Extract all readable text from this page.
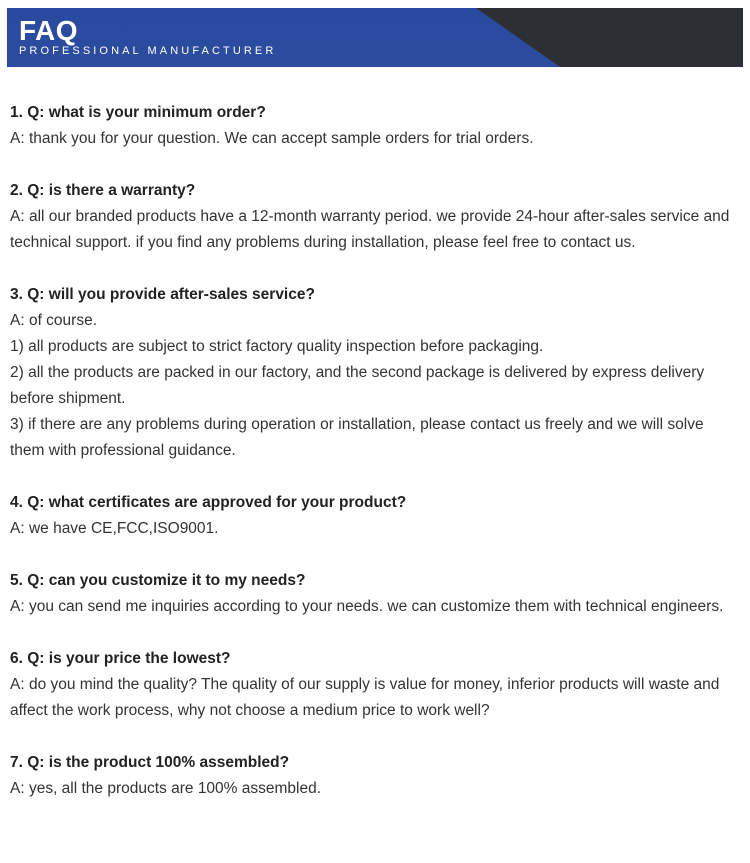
FAQ
PROFESSIONAL MANUFACTURER
1. Q: what is your minimum order?
A: thank you for your question. We can accept sample orders for trial orders.
2. Q: is there a warranty?
A: all our branded products have a 12-month warranty period. we provide 24-hour after-sales service and technical support. if you find any problems during installation, please feel free to contact us.
3. Q: will you provide after-sales service?
A: of course.
1) all products are subject to strict factory quality inspection before packaging.
2) all the products are packed in our factory, and the second package is delivered by express delivery before shipment.
3) if there are any problems during operation or installation, please contact us freely and we will solve them with professional guidance.
4. Q: what certificates are approved for your product?
A: we have CE,FCC,ISO9001.
5. Q: can you customize it to my needs?
A: you can send me inquiries according to your needs. we can customize them with technical engineers.
6. Q: is your price the lowest?
A: do you mind the quality? The quality of our supply is value for money, inferior products will waste and affect the work process, why not choose a medium price to work well?
7. Q: is the product 100% assembled?
A: yes, all the products are 100% assembled.
